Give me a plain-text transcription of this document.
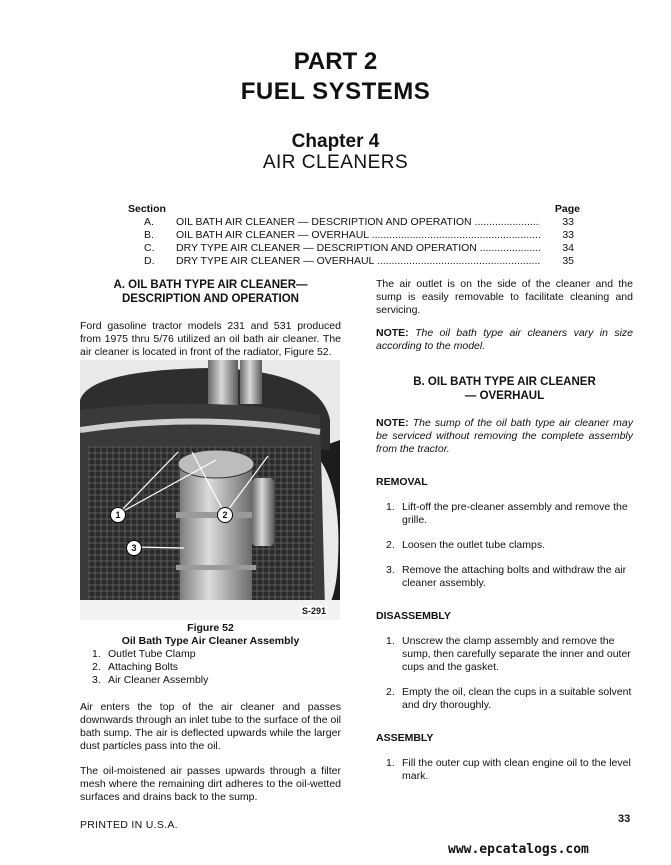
PART 2
FUEL SYSTEMS
Chapter 4
AIR CLEANERS
Section	Page
A.	OIL BATH AIR CLEANER — DESCRIPTION AND OPERATION .....	33
B.	OIL BATH AIR CLEANER — OVERHAUL .....	33
C.	DRY TYPE AIR CLEANER — DESCRIPTION AND OPERATION .....	34
D.	DRY TYPE AIR CLEANER — OVERHAUL .....	35
A. OIL BATH TYPE AIR CLEANER—
DESCRIPTION AND OPERATION

Ford gasoline tractor models 231 and 531 produced from 1975 thru 5/76 utilized an oil bath air cleaner. The air cleaner is located in front of the radiator, Figure 52.

1	2
3
S-291
Figure 52
Oil Bath Type Air Cleaner Assembly
1. Outlet Tube Clamp
2. Attaching Bolts
3. Air Cleaner Assembly

Air enters the top of the air cleaner and passes downwards through an inlet tube to the surface of the oil bath sump. The air is deflected upwards while the larger dust particles pass into the oil.

The oil-moistened air passes upwards through a filter mesh where the remaining dirt adheres to the oil-wetted surfaces and drains back to the sump.

The air outlet is on the side of the cleaner and the sump is easily removable to facilitate cleaning and servicing.

NOTE: The oil bath type air cleaners vary in size according to the model.

B. OIL BATH TYPE AIR CLEANER
— OVERHAUL

NOTE: The sump of the oil bath type air cleaner may be serviced without removing the complete assembly from the tractor.

REMOVAL
1. Lift-off the pre-cleaner assembly and remove the grille.
2. Loosen the outlet tube clamps.
3. Remove the attaching bolts and withdraw the air cleaner assembly.
DISASSEMBLY
1. Unscrew the clamp assembly and remove the sump, then carefully separate the inner and outer cups and the gasket.
2. Empty the oil, clean the cups in a suitable solvent and dry thoroughly.
ASSEMBLY
1. Fill the outer cup with clean engine oil to the level mark.
PRINTED IN U.S.A.	33
www.epcatalogs.com
